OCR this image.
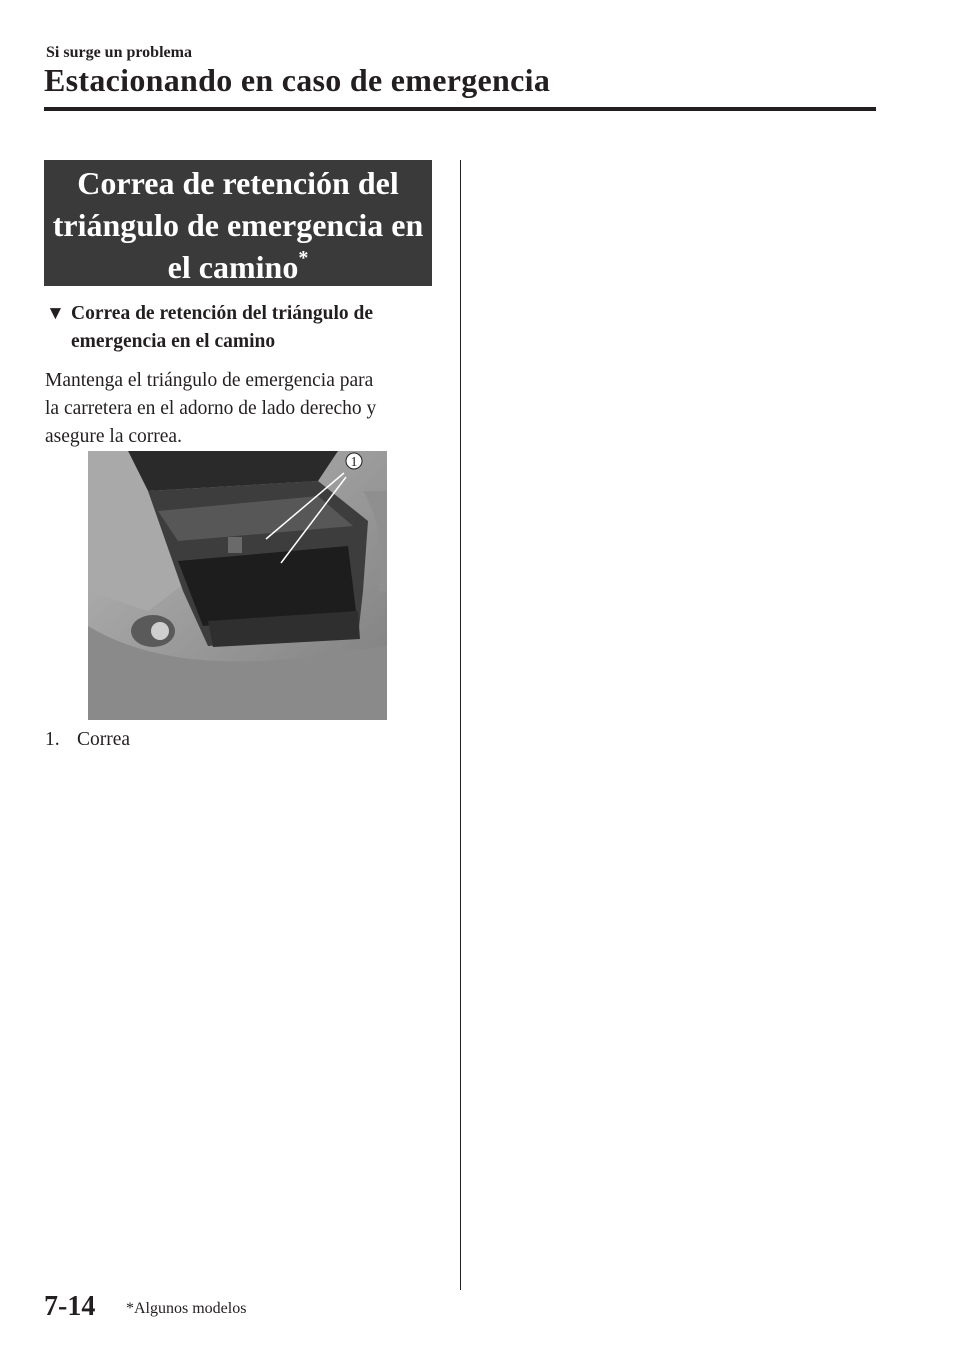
Si surge un problema
Estacionando en caso de emergencia
Correa de retención del
triángulo de emergencia en
el camino*
▼ Correa de retención del triángulo de
emergencia en el camino
Mantenga el triángulo de emergencia para
la carretera en el adorno de lado derecho y
asegure la correa.
1
1. Correa
7-14 *Algunos modelos
